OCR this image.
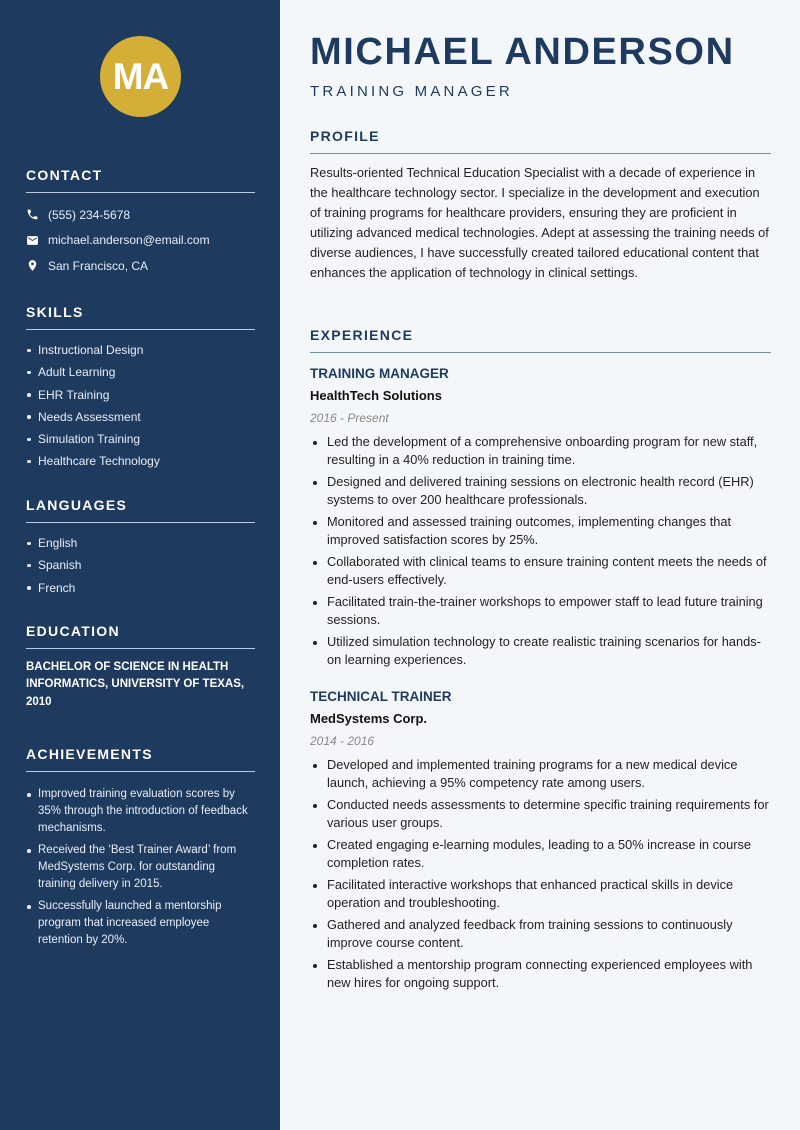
MA
CONTACT
(555) 234-5678
michael.anderson@email.com
San Francisco, CA
SKILLS
Instructional Design
Adult Learning
EHR Training
Needs Assessment
Simulation Training
Healthcare Technology
LANGUAGES
English
Spanish
French
EDUCATION
BACHELOR OF SCIENCE IN HEALTH INFORMATICS, UNIVERSITY OF TEXAS, 2010
ACHIEVEMENTS
Improved training evaluation scores by 35% through the introduction of feedback mechanisms.
Received the ‘Best Trainer Award’ from MedSystems Corp. for outstanding training delivery in 2015.
Successfully launched a mentorship program that increased employee retention by 20%.
MICHAEL ANDERSON
TRAINING MANAGER
PROFILE

Results-oriented Technical Education Specialist with a decade of experience in the healthcare technology sector. I specialize in the development and execution of training programs for healthcare providers, ensuring they are proficient in utilizing advanced medical technologies. Adept at assessing the training needs of diverse audiences, I have successfully created tailored educational content that enhances the application of technology in clinical settings.

EXPERIENCE
TRAINING MANAGER
HealthTech Solutions
2016 - Present
Led the development of a comprehensive onboarding program for new staff, resulting in a 40% reduction in training time.
Designed and delivered training sessions on electronic health record (EHR) systems to over 200 healthcare professionals.
Monitored and assessed training outcomes, implementing changes that improved satisfaction scores by 25%.
Collaborated with clinical teams to ensure training content meets the needs of end-users effectively.
Facilitated train-the-trainer workshops to empower staff to lead future training sessions.
Utilized simulation technology to create realistic training scenarios for hands-on learning experiences.
TECHNICAL TRAINER
MedSystems Corp.
2014 - 2016
Developed and implemented training programs for a new medical device launch, achieving a 95% competency rate among users.
Conducted needs assessments to determine specific training requirements for various user groups.
Created engaging e-learning modules, leading to a 50% increase in course completion rates.
Facilitated interactive workshops that enhanced practical skills in device operation and troubleshooting.
Gathered and analyzed feedback from training sessions to continuously improve course content.
Established a mentorship program connecting experienced employees with new hires for ongoing support.
